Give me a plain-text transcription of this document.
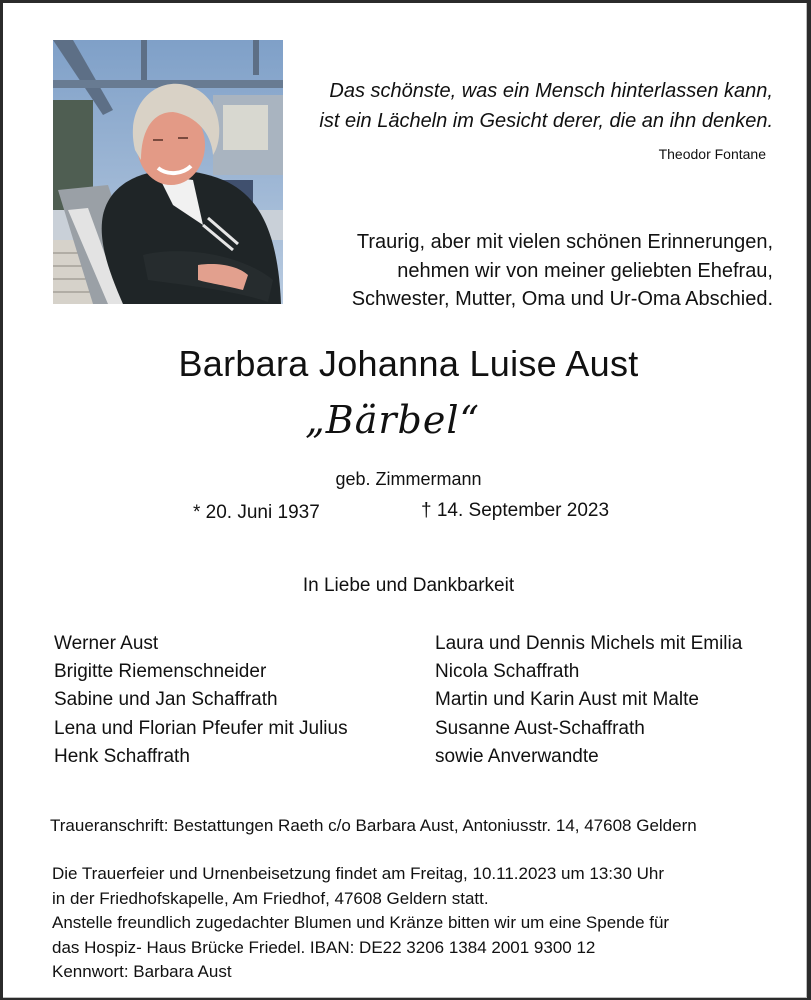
Das schönste, was ein Mensch hinterlassen kann,
ist ein Lächeln im Gesicht derer, die an ihn denken.
Theodor Fontane
Traurig, aber mit vielen schönen Erinnerungen,
nehmen wir von meiner geliebten Ehefrau,
Schwester, Mutter, Oma und Ur-Oma Abschied.
Barbara Johanna Luise Aust
„Bärbel“
geb. Zimmermann
* 20. Juni 1937	† 14. September 2023
In Liebe und Dankbarkeit
Werner Aust
Brigitte Riemenschneider
Sabine und Jan Schaffrath
Lena und Florian Pfeufer mit Julius
Henk Schaffrath
Laura und Dennis Michels mit Emilia
Nicola Schaffrath
Martin und Karin Aust mit Malte
Susanne Aust-Schaffrath
sowie Anverwandte
Traueranschrift: Bestattungen Raeth c/o Barbara Aust, Antoniusstr. 14, 47608 Geldern
Die Trauerfeier und Urnenbeisetzung findet am Freitag, 10.11.2023 um 13:30 Uhr
in der Friedhofskapelle, Am Friedhof, 47608 Geldern statt.
Anstelle freundlich zugedachter Blumen und Kränze bitten wir um eine Spende für
das Hospiz- Haus Brücke Friedel. IBAN: DE22 3206 1384 2001 9300 12
Kennwort: Barbara Aust
